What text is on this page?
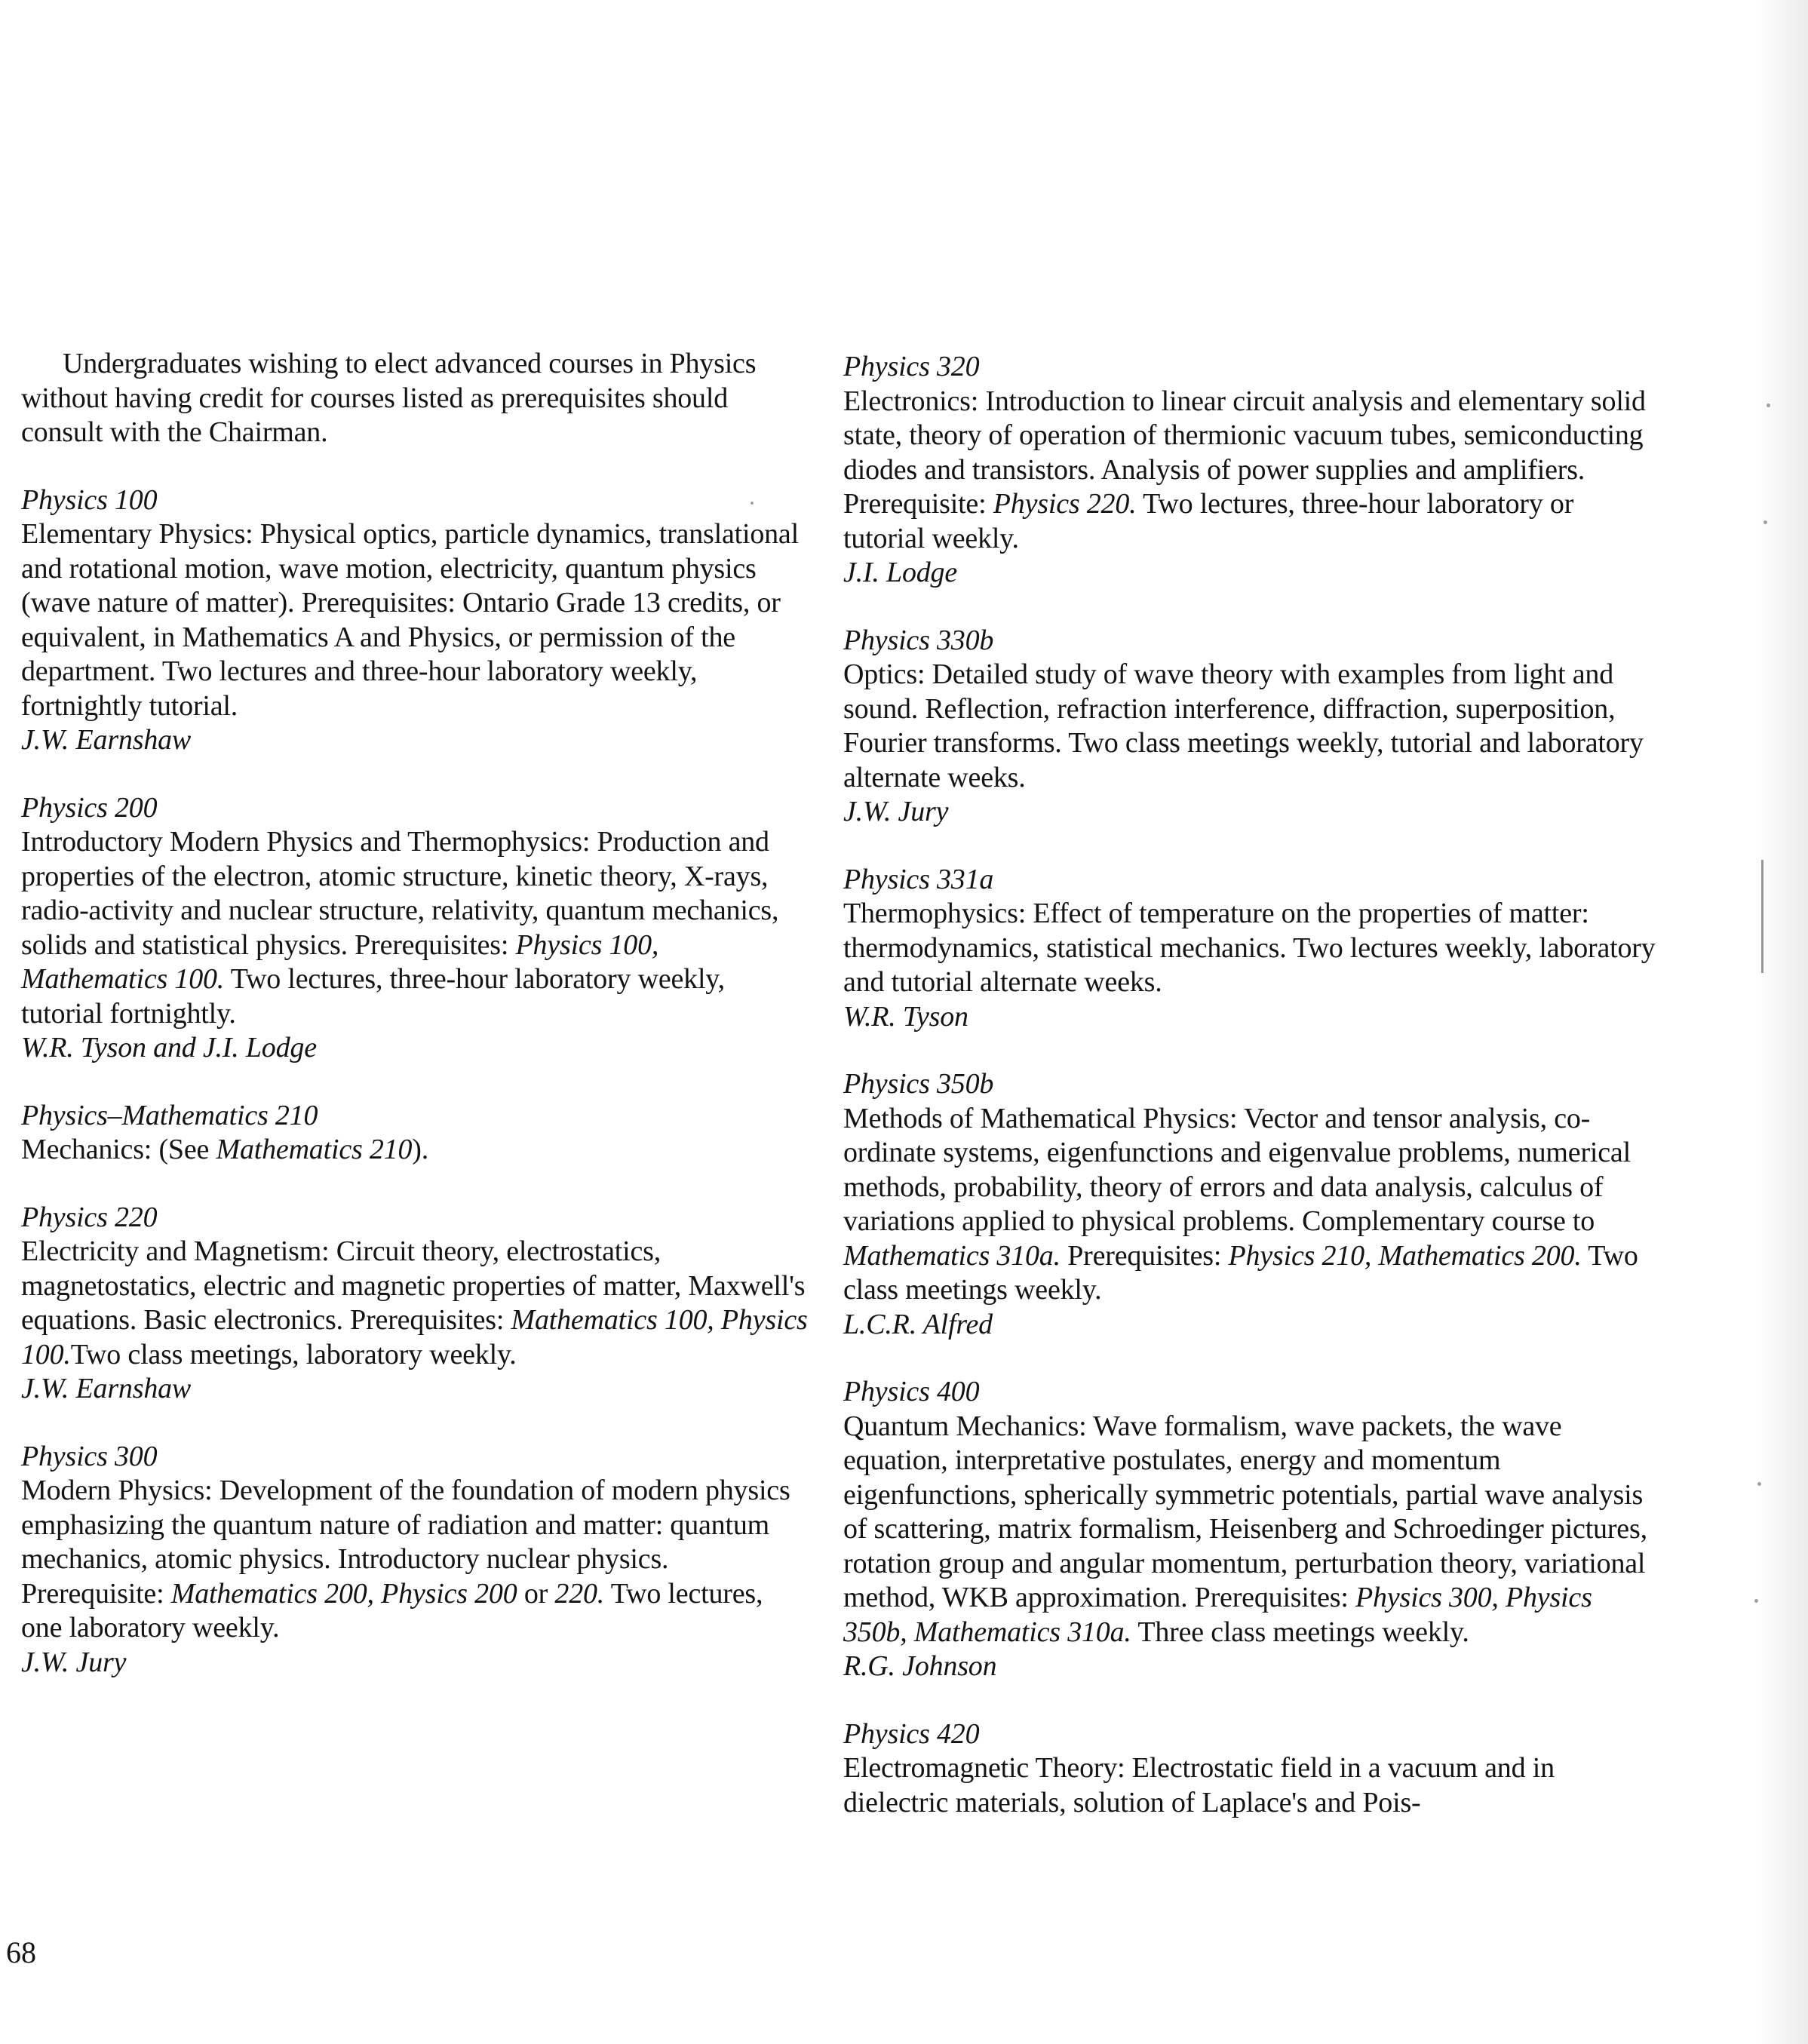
Undergraduates wishing to elect advanced courses in Physics without having credit for courses listed as prerequisites should consult with the Chairman.

Physics 100
Elementary Physics: Physical optics, particle dynamics, translational and rotational motion, wave motion, electricity, quantum physics (wave nature of matter). Prerequisites: Ontario Grade 13 credits, or equivalent, in Mathematics A and Physics, or permission of the department. Two lectures and three-hour laboratory weekly, fortnightly tutorial.
J.W. Earnshaw
Physics 200
Introductory Modern Physics and Thermophysics: Production and properties of the electron, atomic structure, kinetic theory, X-rays, radio-activity and nuclear structure, relativity, quantum mechanics, solids and statistical physics. Prerequisites: Physics 100, Mathematics 100. Two lectures, three-hour laboratory weekly, tutorial fortnightly.
W.R. Tyson and J.I. Lodge
Physics–Mathematics 210
Mechanics: (See Mathematics 210).
Physics 220
Electricity and Magnetism: Circuit theory, electrostatics, magnetostatics, electric and magnetic properties of matter, Maxwell's equations. Basic electronics. Prerequisites: Mathematics 100, Physics 100.Two class meetings, laboratory weekly.
J.W. Earnshaw
Physics 300
Modern Physics: Development of the foundation of modern physics emphasizing the quantum nature of radiation and matter: quantum mechanics, atomic physics. Introductory nuclear physics. Prerequisite: Mathematics 200, Physics 200 or 220. Two lectures, one laboratory weekly.
J.W. Jury
Physics 320
Electronics: Introduction to linear circuit analysis and elementary solid state, theory of operation of thermionic vacuum tubes, semiconducting diodes and transistors. Analysis of power supplies and amplifiers. Prerequisite: Physics 220. Two lectures, three-hour laboratory or tutorial weekly.
J.I. Lodge
Physics 330b
Optics: Detailed study of wave theory with examples from light and sound. Reflection, refraction interference, diffraction, superposition, Fourier transforms. Two class meetings weekly, tutorial and laboratory alternate weeks.
J.W. Jury
Physics 331a
Thermophysics: Effect of temperature on the properties of matter: thermodynamics, statistical mechanics. Two lectures weekly, laboratory and tutorial alternate weeks.
W.R. Tyson
Physics 350b
Methods of Mathematical Physics: Vector and tensor analysis, co-ordinate systems, eigenfunctions and eigenvalue problems, numerical methods, probability, theory of errors and data analysis, calculus of variations applied to physical problems. Complementary course to Mathematics 310a. Prerequisites: Physics 210, Mathematics 200. Two class meetings weekly.
L.C.R. Alfred
Physics 400
Quantum Mechanics: Wave formalism, wave packets, the wave equation, interpretative postulates, energy and momentum eigenfunctions, spherically symmetric potentials, partial wave analysis of scattering, matrix formalism, Heisenberg and Schroedinger pictures, rotation group and angular momentum, perturbation theory, variational method, WKB approximation. Prerequisites: Physics 300, Physics 350b, Mathematics 310a. Three class meetings weekly.
R.G. Johnson
Physics 420
Electromagnetic Theory: Electrostatic field in a vacuum and in dielectric materials, solution of Laplace's and Pois-
68
